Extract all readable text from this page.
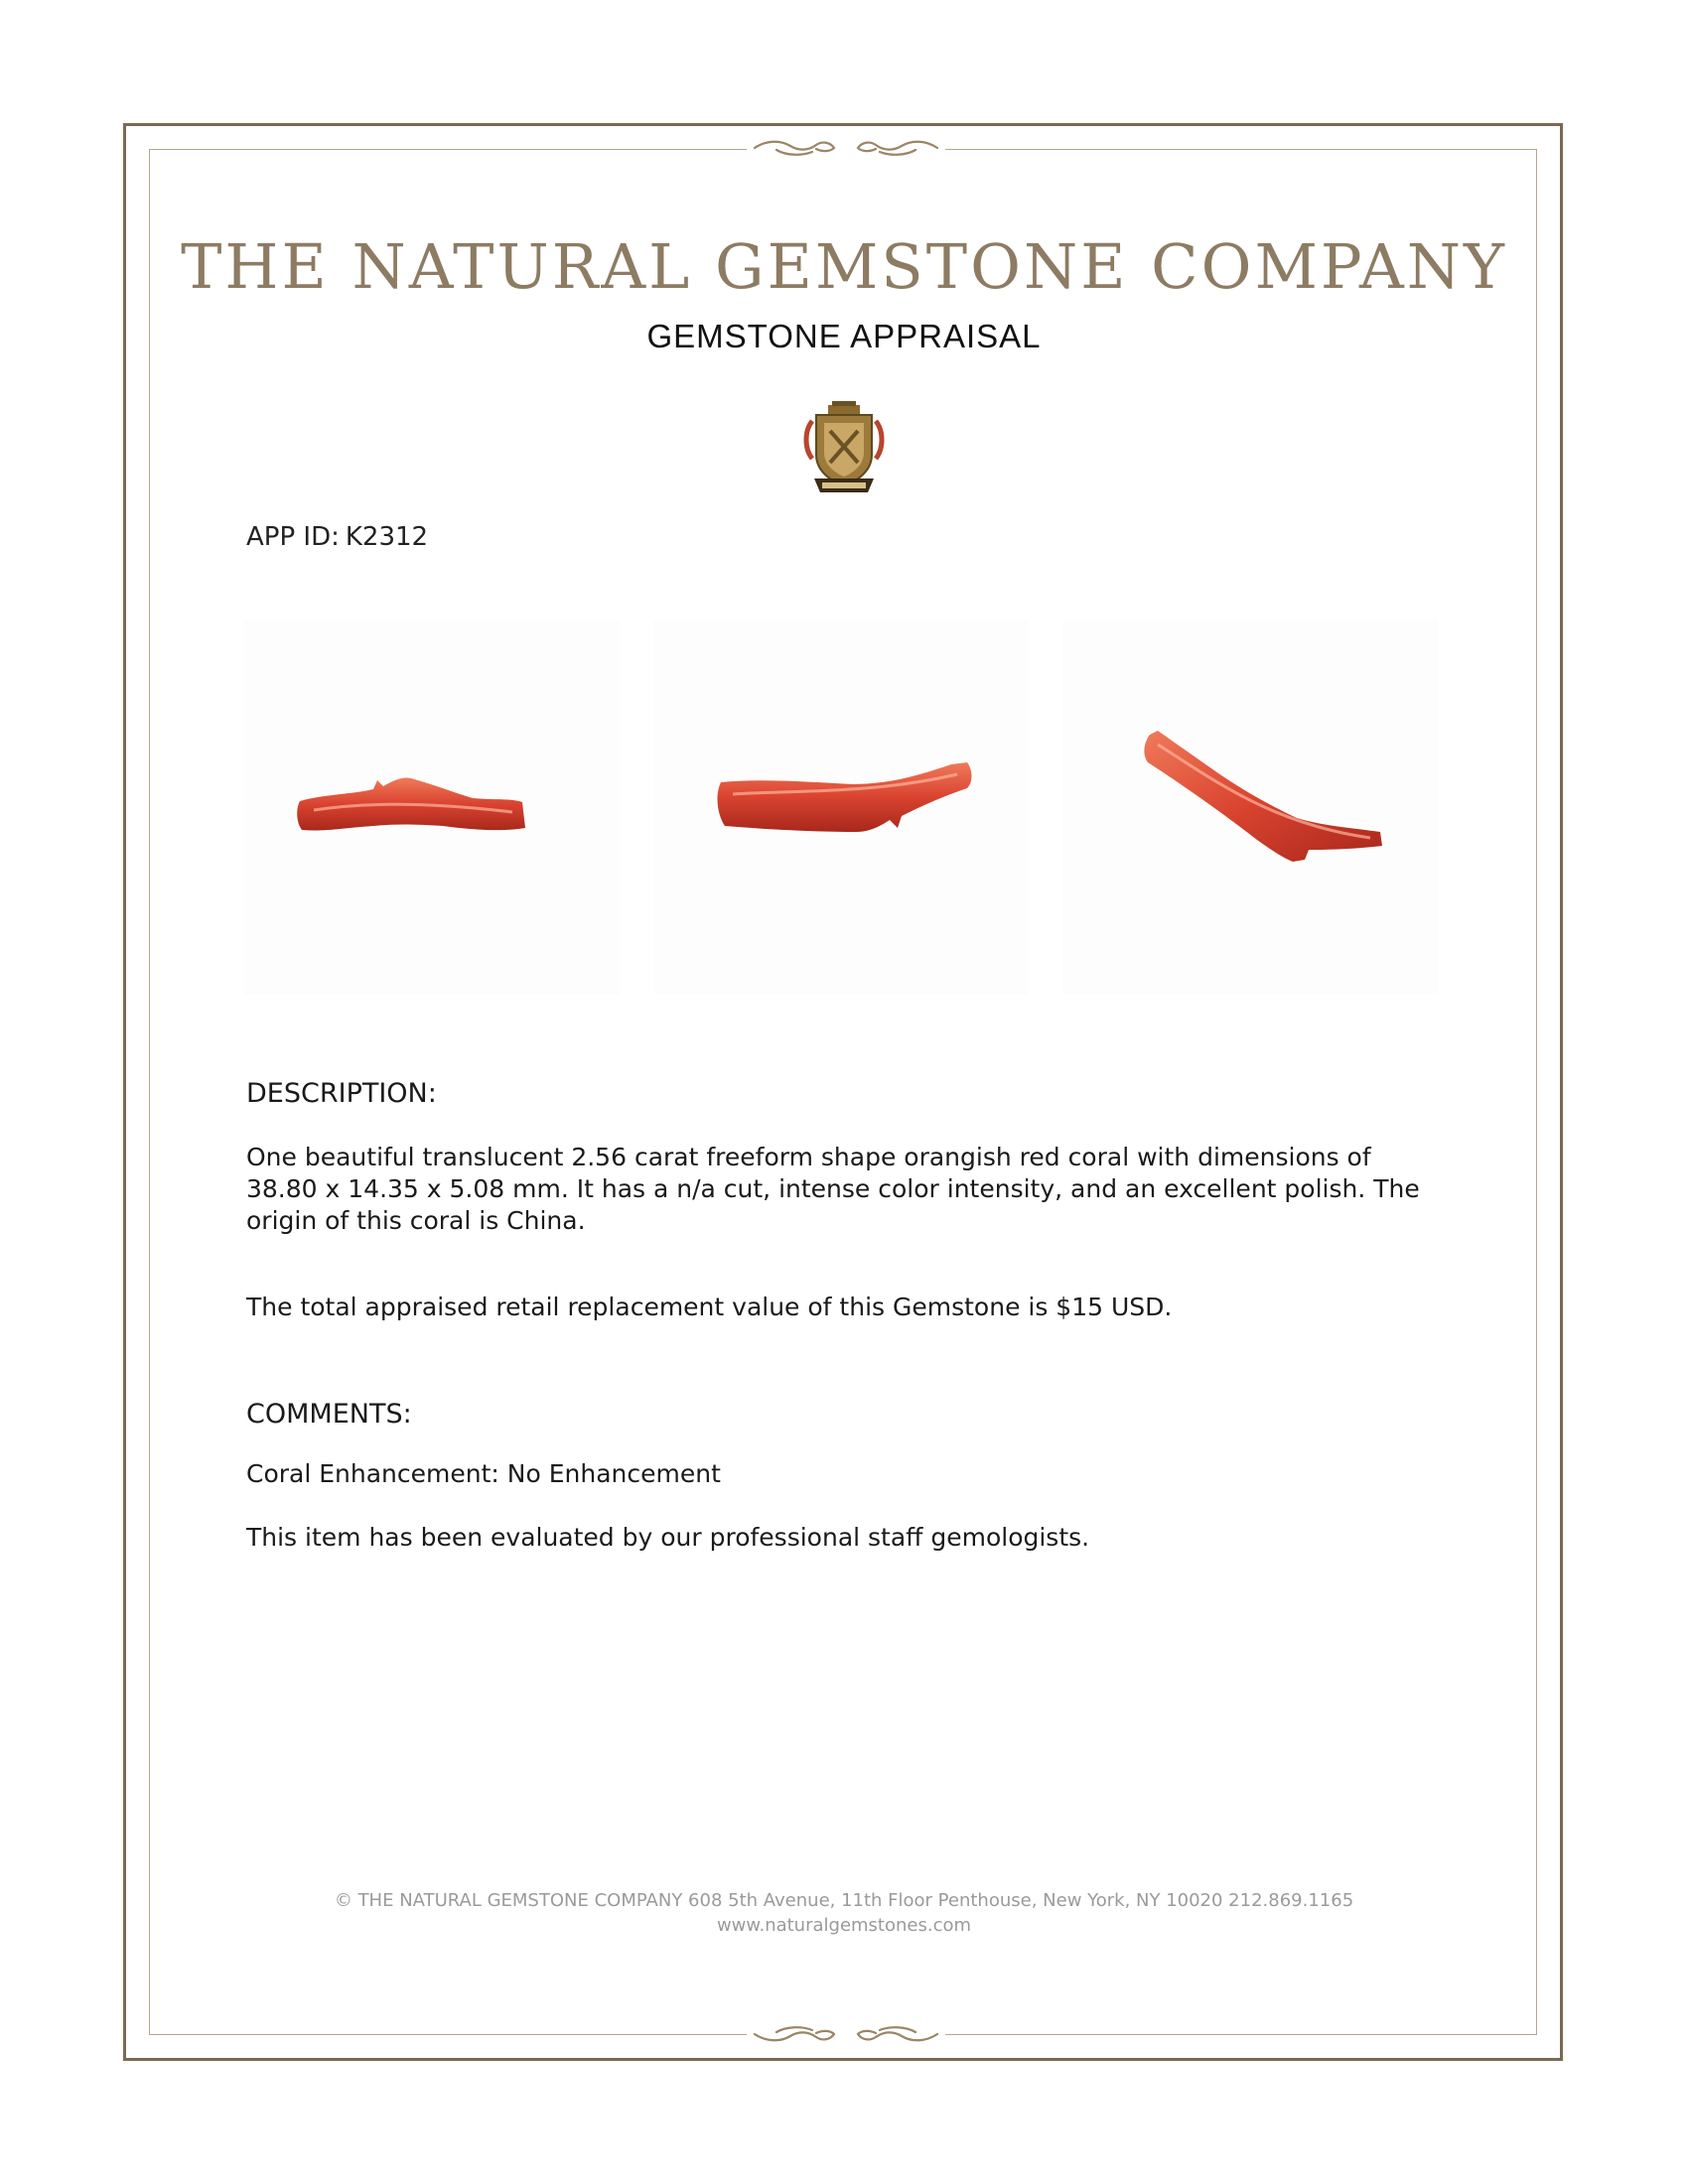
THE NATURAL GEMSTONE COMPANY
GEMSTONE APPRAISAL
APP ID: K2312
DESCRIPTION:
One beautiful translucent 2.56 carat freeform shape orangish red coral with dimensions of 38.80 x 14.35 x 5.08 mm. It has a n/a cut, intense color intensity, and an excellent polish. The origin of this coral is China.
The total appraised retail replacement value of this Gemstone is $15 USD.
COMMENTS:
Coral Enhancement: No Enhancement
This item has been evaluated by our professional staff gemologists.
© THE NATURAL GEMSTONE COMPANY 608 5th Avenue, 11th Floor Penthouse, New York, NY 10020 212.869.1165
www.naturalgemstones.com
